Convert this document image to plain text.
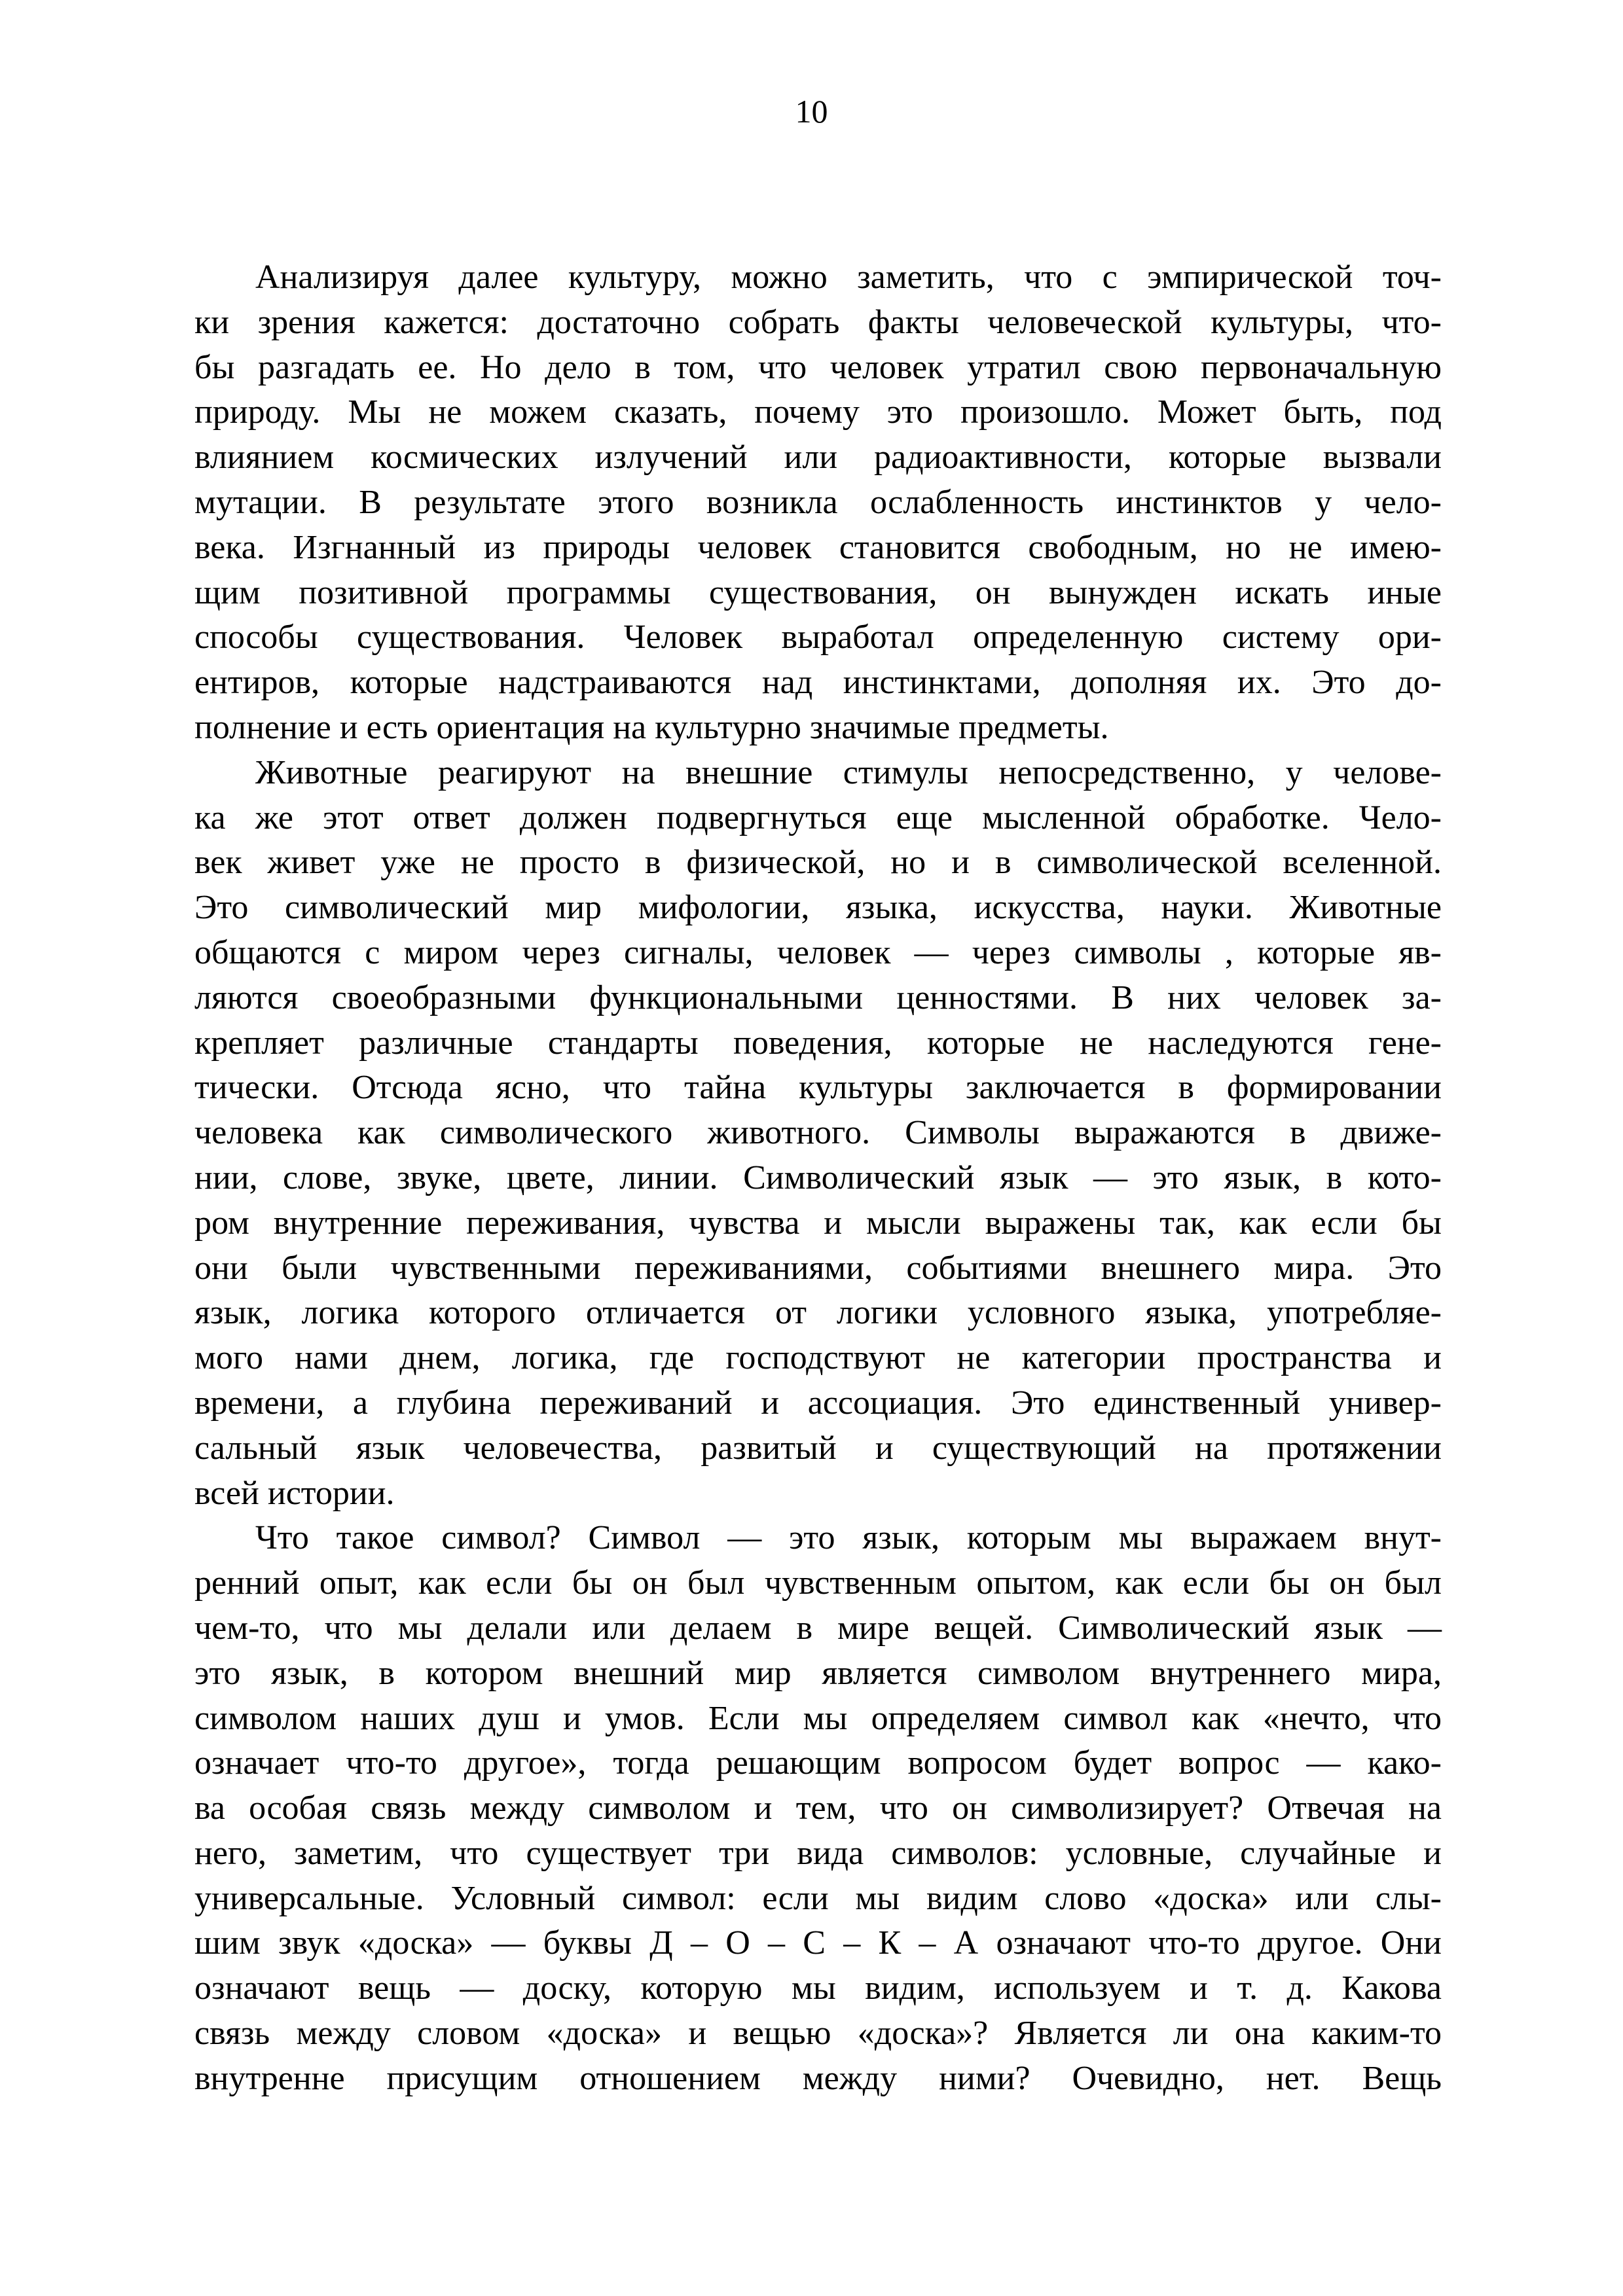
10
Анализируя далее культуру, можно заметить, что с эмпирической точ-
ки зрения кажется: достаточно собрать факты человеческой культуры, что-
бы разгадать ее. Но дело в том, что человек утратил свою первоначальную
природу. Мы не можем сказать, почему это произошло. Может быть, под
влиянием космических излучений или радиоактивности, которые вызвали
мутации. В результате этого возникла ослабленность инстинктов у чело-
века. Изгнанный из природы человек становится свободным, но не имею-
щим позитивной программы существования, он вынужден искать иные
способы существования. Человек выработал определенную систему ори-
ентиров, которые надстраиваются над инстинктами, дополняя их. Это до-
полнение и есть ориентация на культурно значимые предметы.
Животные реагируют на внешние стимулы непосредственно, у челове-
ка же этот ответ должен подвергнуться еще мысленной обработке. Чело-
век живет уже не просто в физической, но и в символической вселенной.
Это символический мир мифологии, языка, искусства, науки. Животные
общаются с миром через сигналы, человек — через символы , которые яв-
ляются своеобразными функциональными ценностями. В них человек за-
крепляет различные стандарты поведения, которые не наследуются гене-
тически. Отсюда ясно, что тайна культуры заключается в формировании
человека как символического животного. Символы выражаются в движе-
нии, слове, звуке, цвете, линии. Символический язык — это язык, в кото-
ром внутренние переживания, чувства и мысли выражены так, как если бы
они были чувственными переживаниями, событиями внешнего мира. Это
язык, логика которого отличается от логики условного языка, употребляе-
мого нами днем, логика, где господствуют не категории пространства и
времени, а глубина переживаний и ассоциация. Это единственный универ-
сальный язык человечества, развитый и существующий на протяжении
всей истории.
Что такое символ? Символ — это язык, которым мы выражаем внут-
ренний опыт, как если бы он был чувственным опытом, как если бы он был
чем-то, что мы делали или делаем в мире вещей. Символический язык —
это язык, в котором внешний мир является символом внутреннего мира,
символом наших душ и умов. Если мы определяем символ как «нечто, что
означает что-то другое», тогда решающим вопросом будет вопрос — како-
ва особая связь между символом и тем, что он символизирует? Отвечая на
него, заметим, что существует три вида символов: условные, случайные и
универсальные. Условный символ: если мы видим слово «доска» или слы-
шим звук «доска» — буквы Д – О – С – К – А означают что-то другое. Они
означают вещь — доску, которую мы видим, используем и т. д. Какова
связь между словом «доска» и вещью «доска»? Является ли она каким-то
внутренне присущим отношением между ними? Очевидно, нет. Вещь
